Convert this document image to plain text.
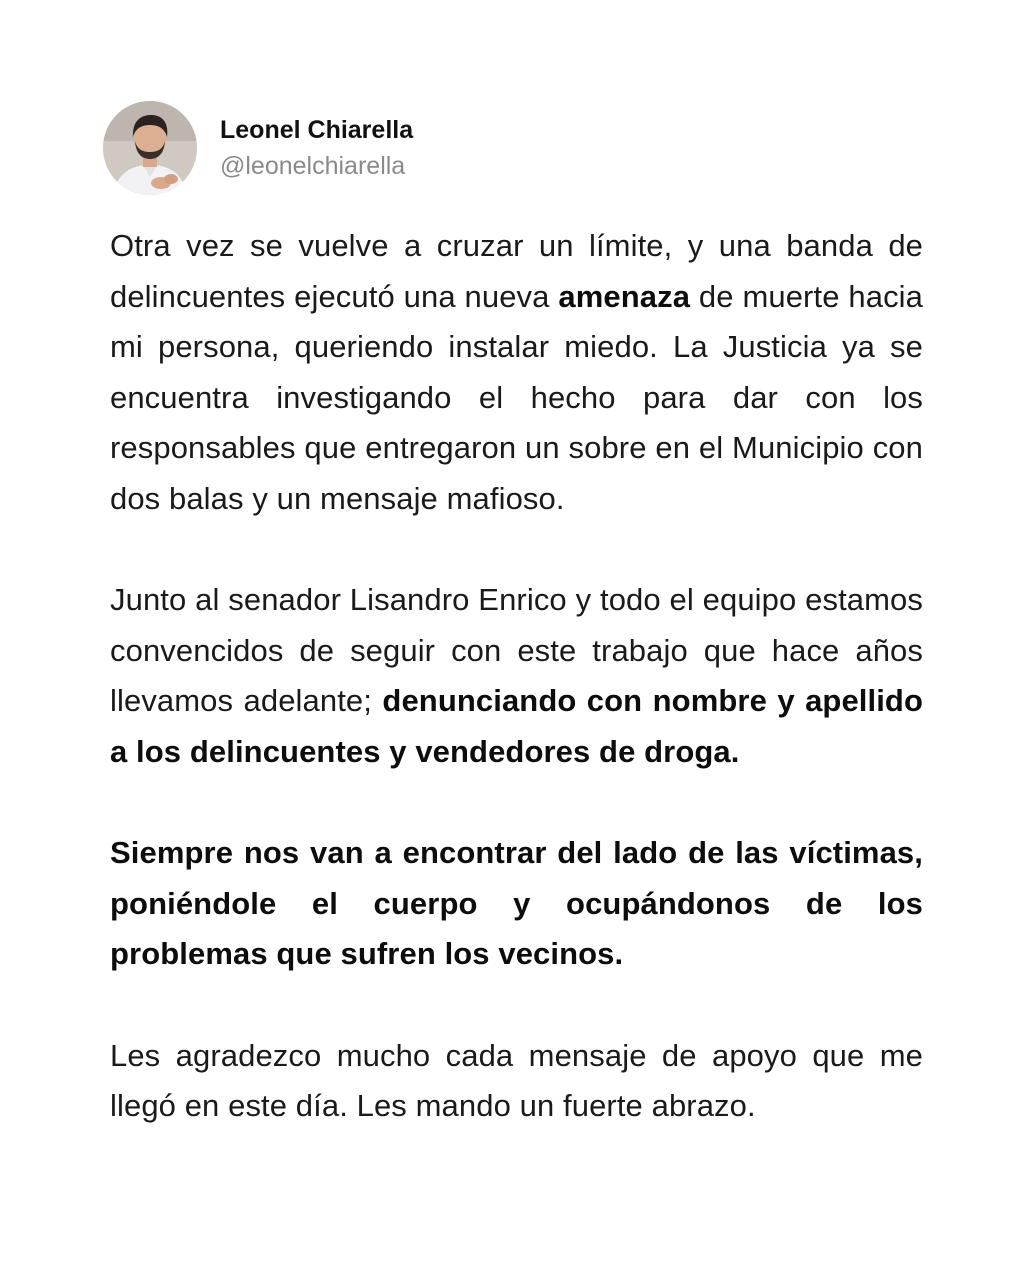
Leonel Chiarella
@leonelchiarella

Otra vez se vuelve a cruzar un límite, y una banda de delincuentes ejecutó una nueva amenaza de muerte hacia mi persona, queriendo instalar miedo. La Justicia ya se encuentra investigando el hecho para dar con los responsables que entregaron un sobre en el Municipio con dos balas y un mensaje mafioso.

Junto al senador Lisandro Enrico y todo el equipo estamos convencidos de seguir con este trabajo que hace años llevamos adelante; denunciando con nombre y apellido a los delincuentes y vendedores de droga.

Siempre nos van a encontrar del lado de las víctimas, poniéndole el cuerpo y ocupándonos de los problemas que sufren los vecinos.

Les agradezco mucho cada mensaje de apoyo que me llegó en este día. Les mando un fuerte abrazo.
